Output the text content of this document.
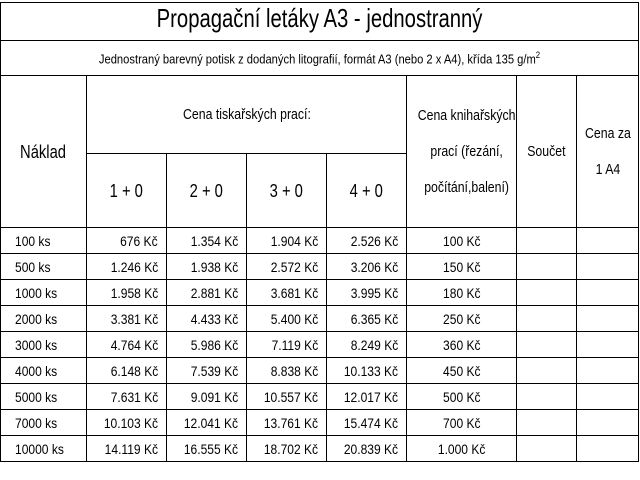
Propagační letáky A3 - jednostranný							

Jednostraný barevný potisk z dodaných litografií, formát A3 (nebo 2 x A4), křída 135 $g/m^2$
Náklad	Cena tiskařských prací:				Cena knihařských
prací (řezání,
počítání,balení)	Součet	Cena za
1 A4
	1 + 0	2 + 0	3 + 0	4 + 0			
100 ks	676 Kč	1.354 Kč	1.904 Kč	2.526 Kč	100 Kč		
500 ks	1.246 Kč	1.938 Kč	2.572 Kč	3.206 Kč	150 Kč		
1000 ks	1.958 Kč	2.881 Kč	3.681 Kč	3.995 Kč	180 Kč		
2000 ks	3.381 Kč	4.433 Kč	5.400 Kč	6.365 Kč	250 Kč		
3000 ks	4.764 Kč	5.986 Kč	7.119 Kč	8.249 Kč	360 Kč		
4000 ks	6.148 Kč	7.539 Kč	8.838 Kč	10.133 Kč	450 Kč		
5000 ks	7.631 Kč	9.091 Kč	10.557 Kč	12.017 Kč	500 Kč		
7000 ks	10.103 Kč	12.041 Kč	13.761 Kč	15.474 Kč	700 Kč		
10000 ks	14.119 Kč	16.555 Kč	18.702 Kč	20.839 Kč	1.000 Kč		
